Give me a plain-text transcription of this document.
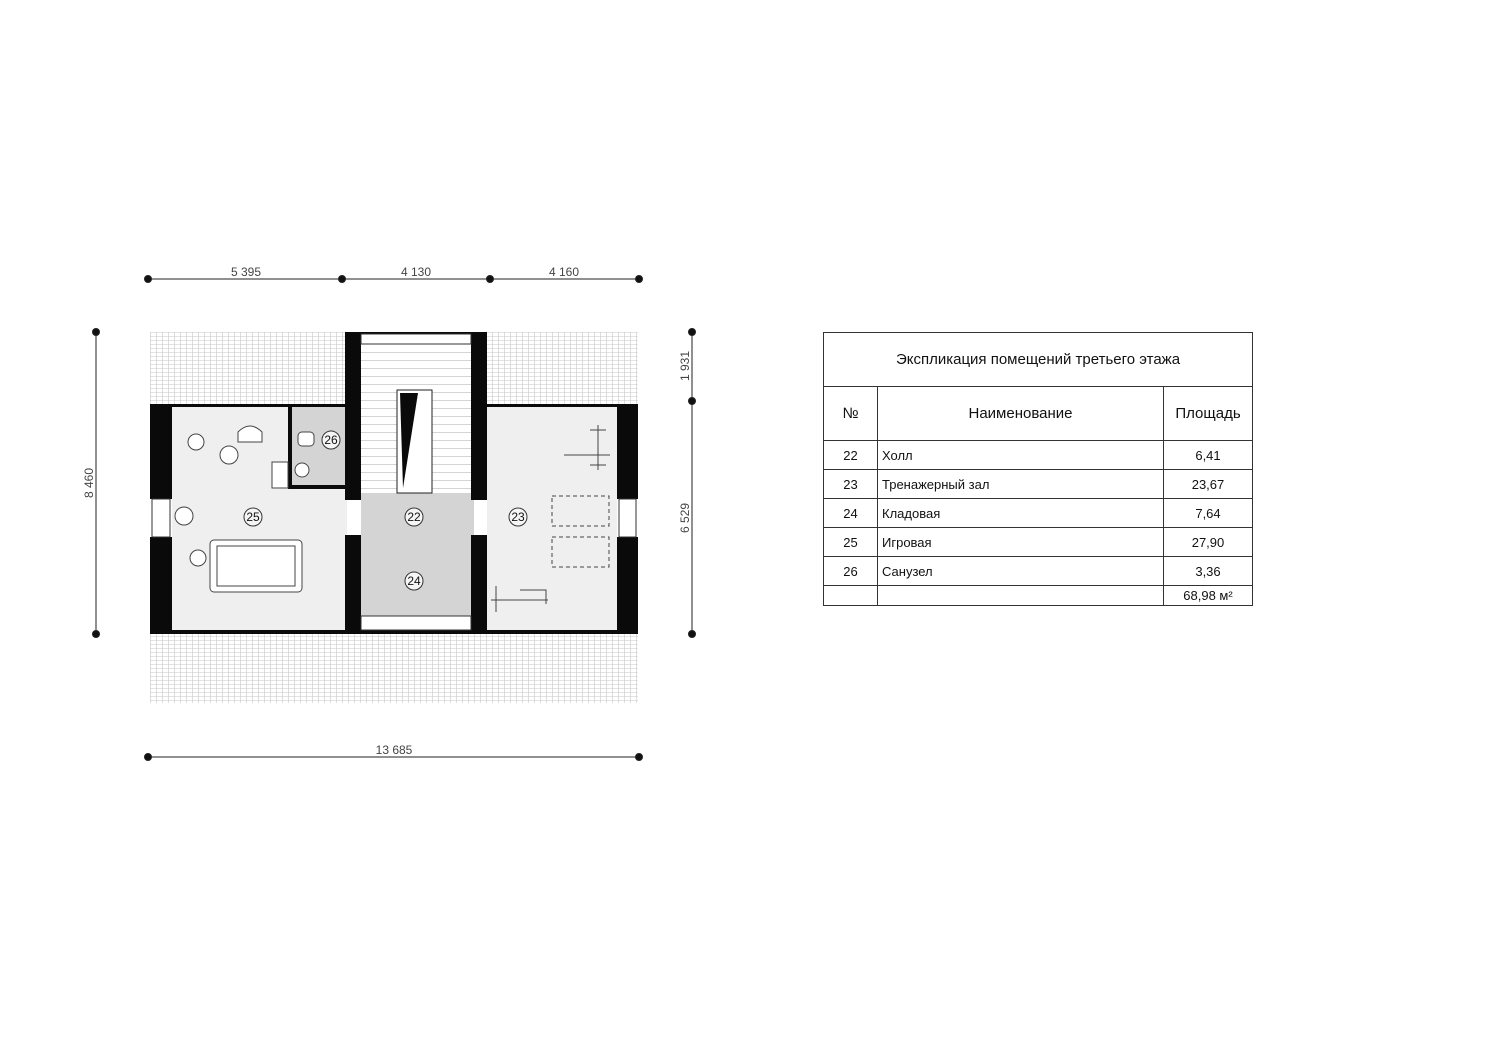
25
26
22
24
23
5 395	4 130	4 160
13 685
8 460
1 931
6 529
Экспликация помещений третьего этажа		
№	Наименование	Площадь
22	Холл	6,41
23	Тренажерный зал	23,67
24	Кладовая	7,64
25	Игровая	27,90
26	Санузел	3,36
		68,98 м²
